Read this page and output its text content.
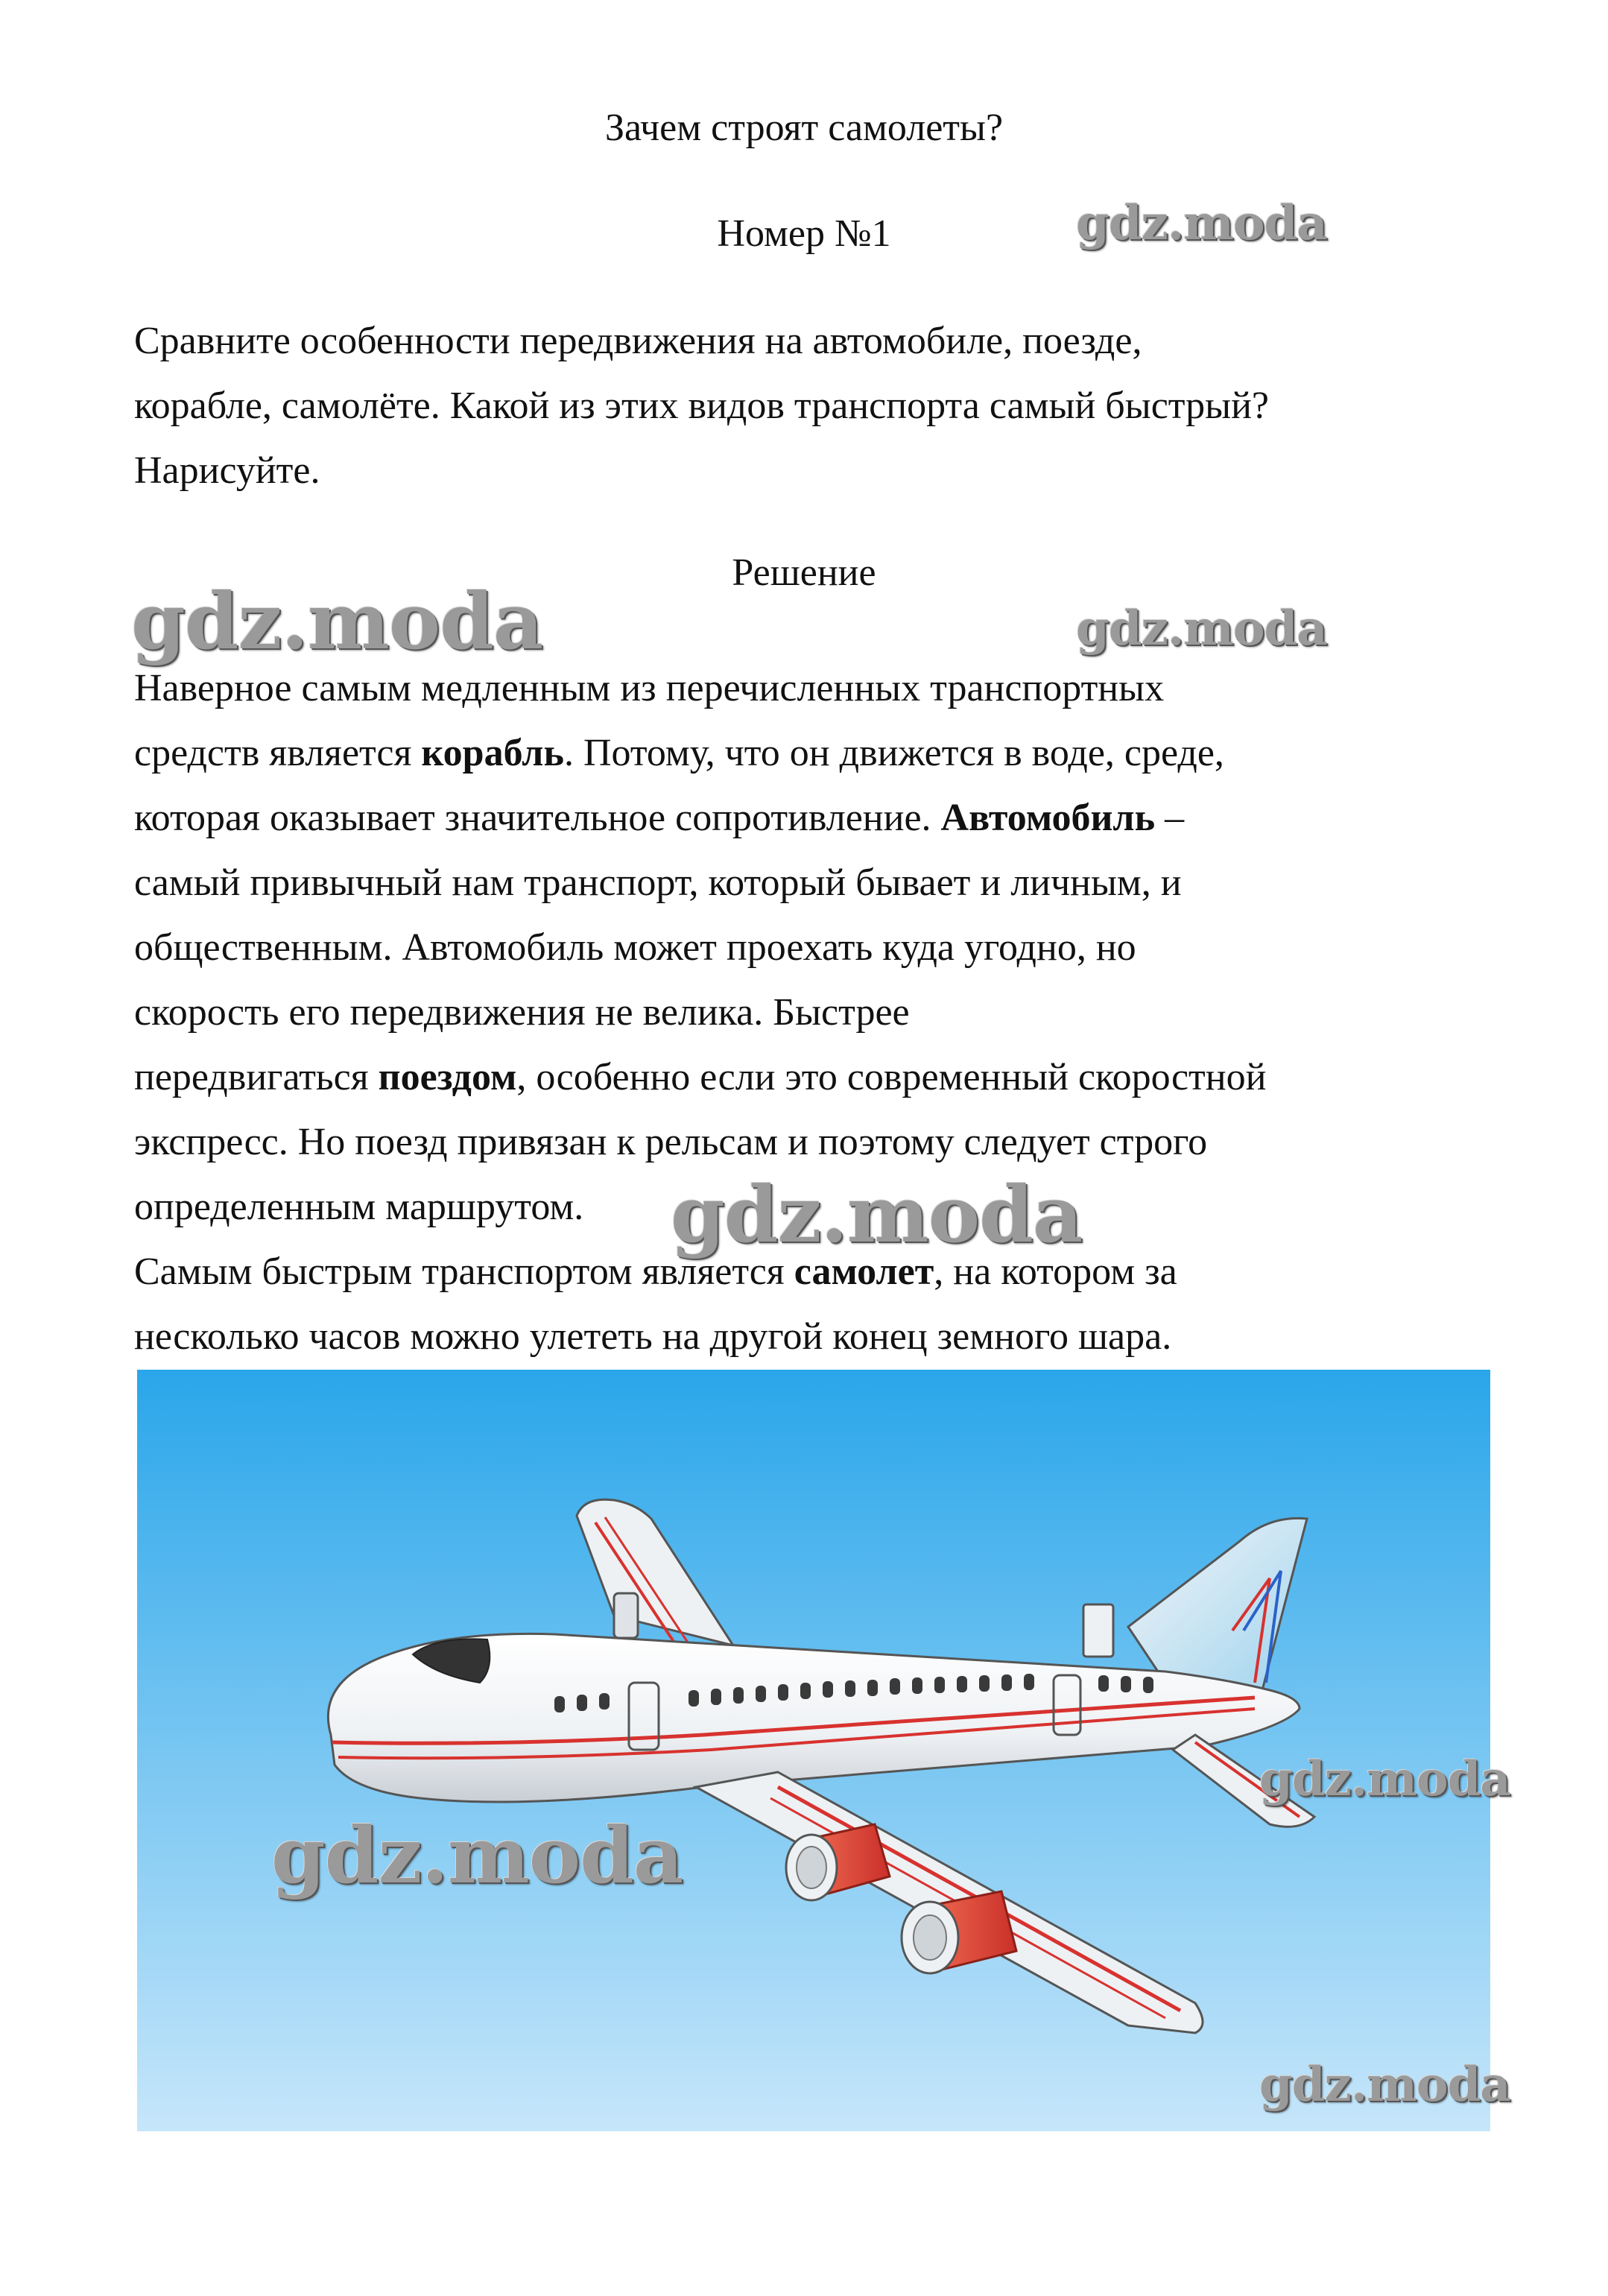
Зачем строят самолеты?
Номер №1
Сравните особенности передвижения на автомобиле, поезде,
корабле, самолёте. Какой из этих видов транспорта самый быстрый?
Нарисуйте.
Решение
Наверное самым медленным из перечисленных транспортных
средств является корабль. Потому, что он движется в воде, среде,
которая оказывает значительное сопротивление. Автомобиль –
самый привычный нам транспорт, который бывает и личным, и
общественным. Автомобиль может проехать куда угодно, но
скорость его передвижения не велика. Быстрее
передвигаться поездом, особенно если это современный скоростной
экспресс. Но поезд привязан к рельсам и поэтому следует строго
определенным маршрутом.
Самым быстрым транспортом является самолет, на котором за
несколько часов можно улететь на другой конец земного шара.
gdz.moda
gdz.moda	gdz.moda
gdz.moda
gdz.moda
gdz.moda
gdz.moda
